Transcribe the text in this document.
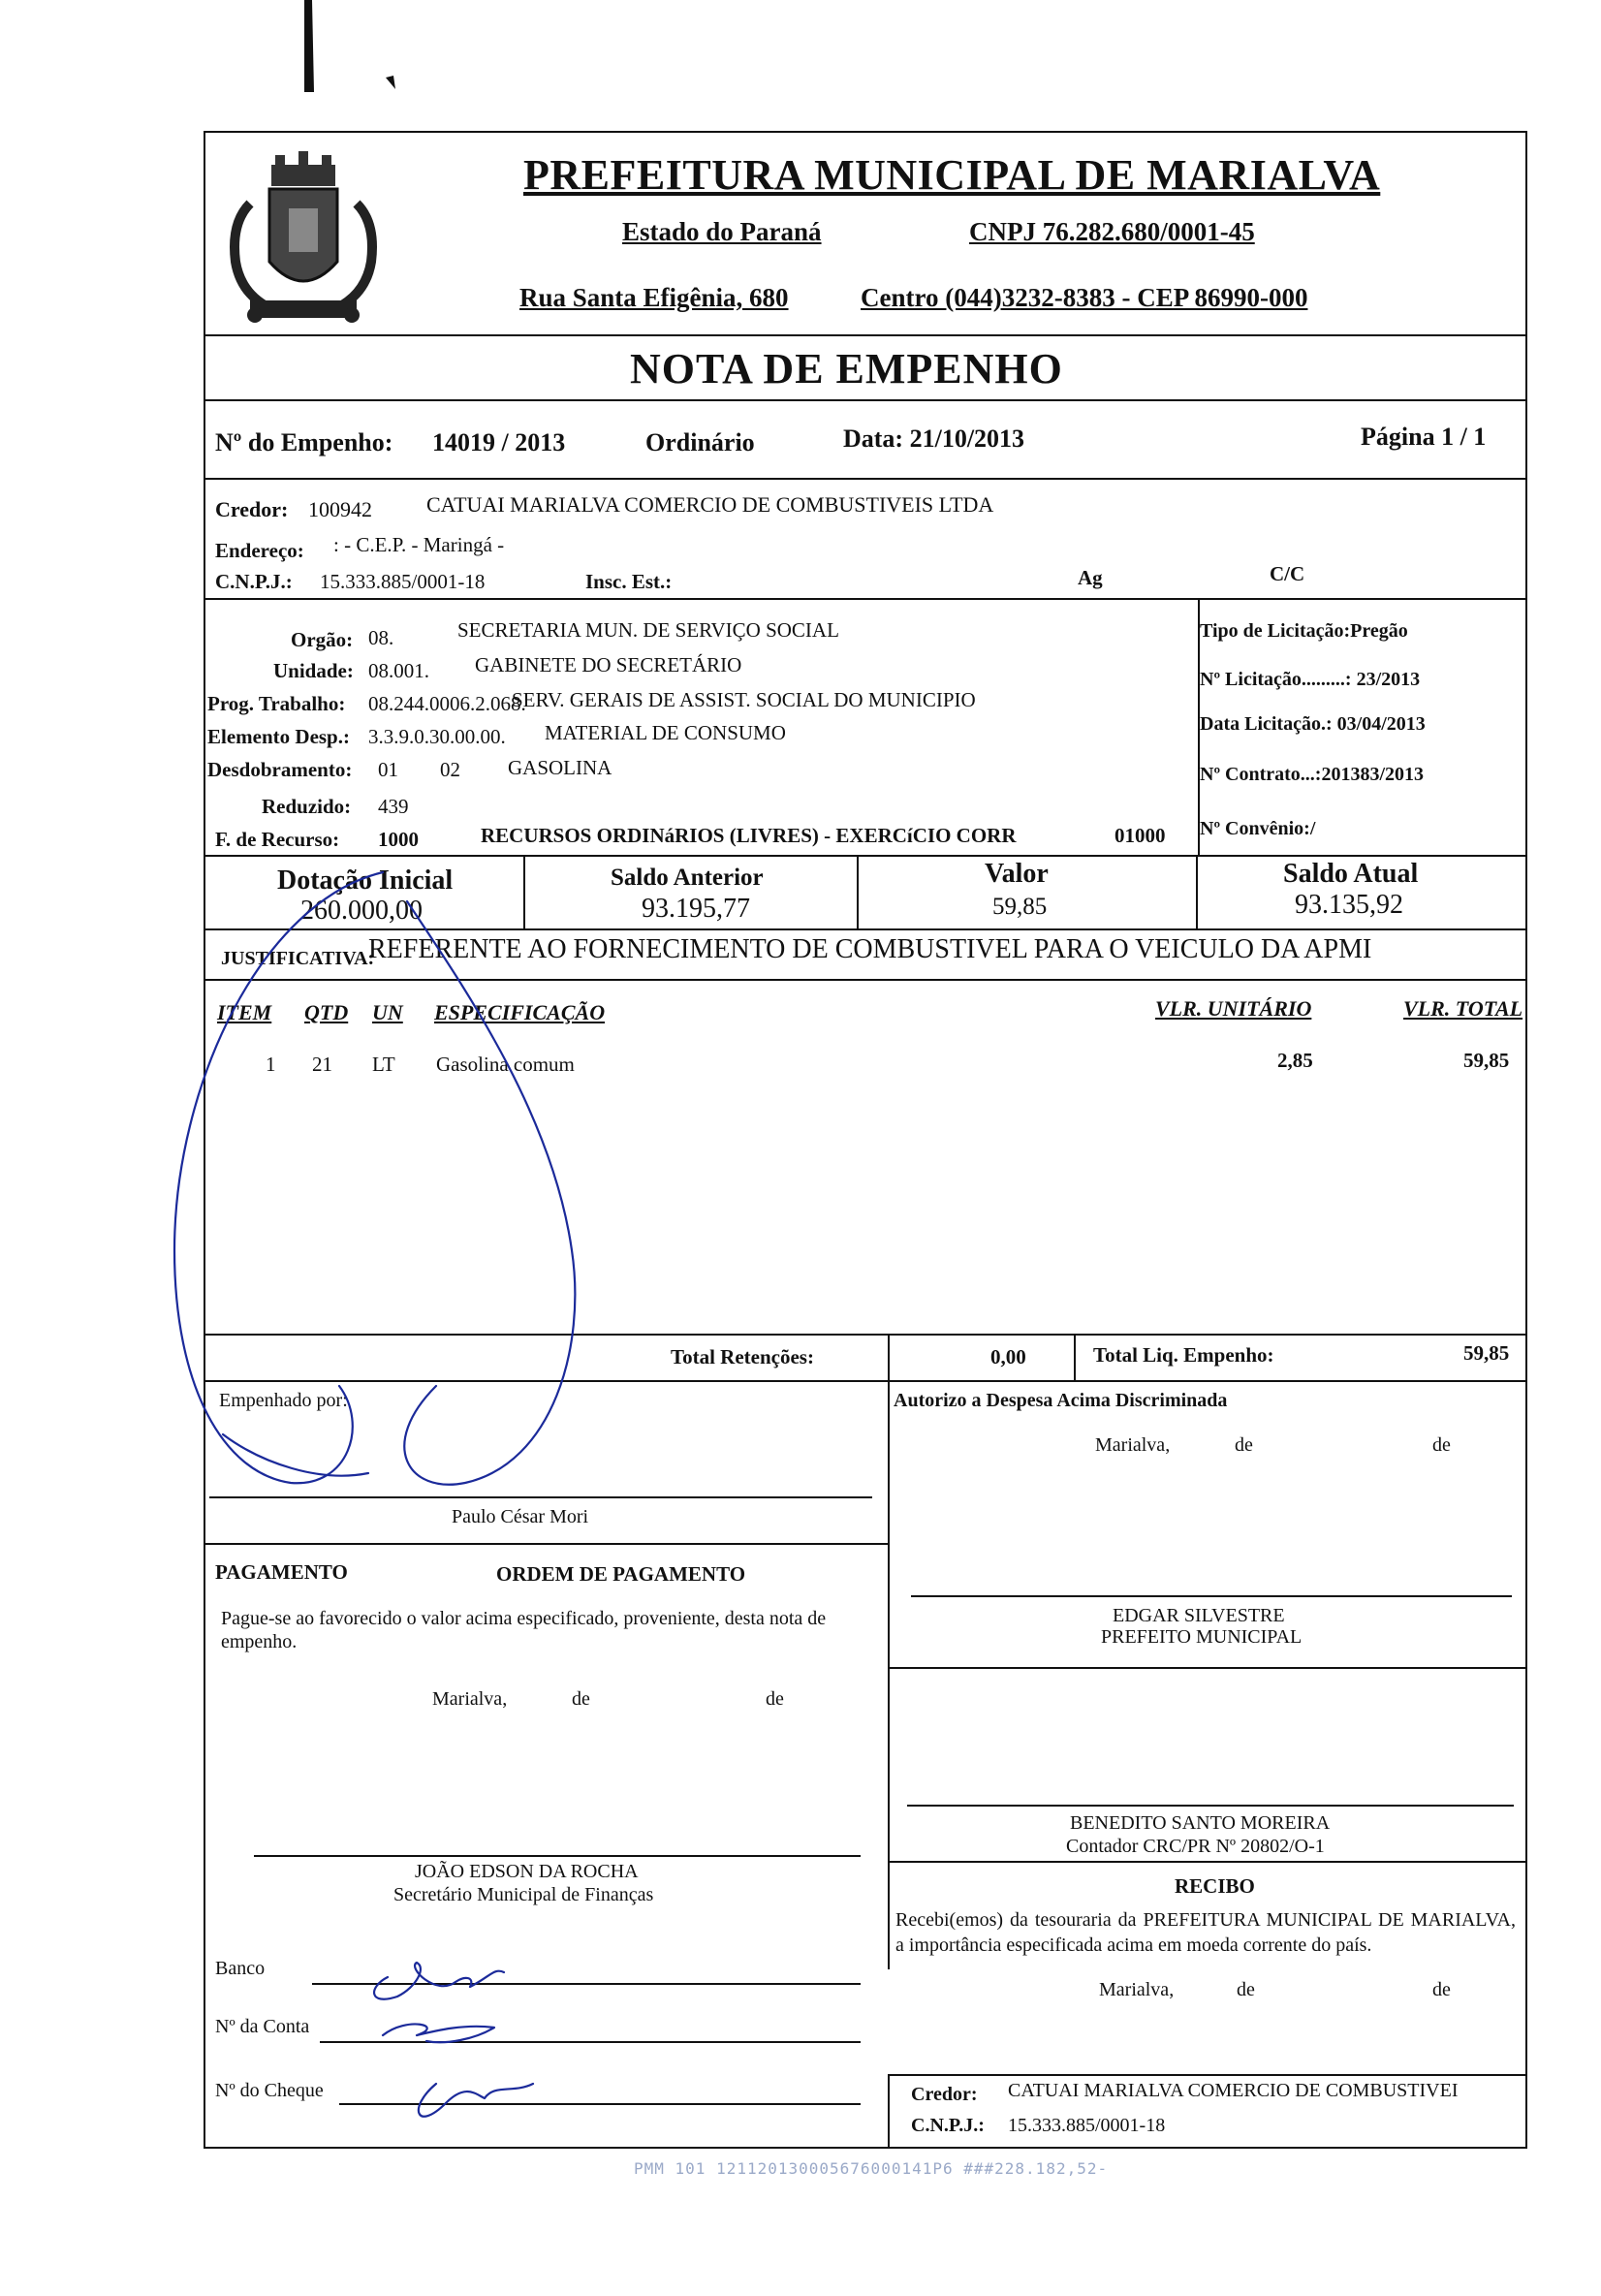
PREFEITURA MUNICIPAL DE MARIALVA
Estado do Paraná	CNPJ 76.282.680/0001-45
Rua Santa Efigênia, 680	Centro (044)3232-8383 - CEP 86990-000
NOTA DE EMPENHO
Nº do Empenho: 14019 / 2013	Ordinário	Data: 21/10/2013	Página 1 / 1
Credor: 100942	CATUAI MARIALVA COMERCIO DE COMBUSTIVEIS LTDA
Endereço: : - C.E.P. - Maringá -
C.N.P.J.: 15.333.885/0001-18	Insc. Est.:	Ag	C/C
Orgão: 08.	SECRETARIA MUN. DE SERVIÇO SOCIAL
Unidade: 08.001. GABINETE DO SECRETÁRIO
Prog. Trabalho: 08.244.0006.2.068.
SERV. GERAIS DE ASSIST. SOCIAL DO MUNICIPIO
Elemento Desp.: 3.3.9.0.30.00.00. MATERIAL DE CONSUMO
Desdobramento: 01 02 GASOLINA
Reduzido: 439
F. de Recurso: 1000	RECURSOS ORDINáRIOS (LIVRES) - EXERCíCIO CORR	01000
Tipo de Licitação:Pregão
Nº Licitação.........: 23/2013
Data Licitação.: 03/04/2013
Nº Contrato...:201383/2013
Nº Convênio:/
Dotação Inicial
260.000,00
Saldo Anterior
93.195,77
Valor
59,85
Saldo Atual
93.135,92
JUSTIFICATIVA:
REFERENTE AO FORNECIMENTO DE COMBUSTIVEL PARA O VEICULO DA APMI
ITEM QTD UN ESPECIFICAÇÃO	VLR. UNITÁRIO	VLR. TOTAL
1 21 LT Gasolina comum	2,85	59,85
Total Retenções:	0,00	Total Liq. Empenho:	59,85
Empenhado por:
Paulo César Mori
Autorizo a Despesa Acima Discriminada
Marialva,	de	de
EDGAR SILVESTRE
PREFEITO MUNICIPAL
PAGAMENTO	ORDEM DE PAGAMENTO
Pague-se ao favorecido o valor acima especificado, proveniente, desta nota de empenho.
Marialva,	de	de
JOÃO EDSON DA ROCHA
Secretário Municipal de Finanças
BENEDITO SANTO MOREIRA
Contador CRC/PR Nº 20802/O-1
RECIBO
Recebi(emos) da tesouraria da PREFEITURA MUNICIPAL DE MARIALVA, a importância especificada acima em moeda corrente do país.
Marialva,	de	de
Banco
Nº da Conta
Nº do Cheque	Credor: CATUAI MARIALVA COMERCIO DE COMBUSTIVEI
C.N.P.J.: 15.333.885/0001-18
PMM 101 121120130005676000141P6 ###228.182,52-
